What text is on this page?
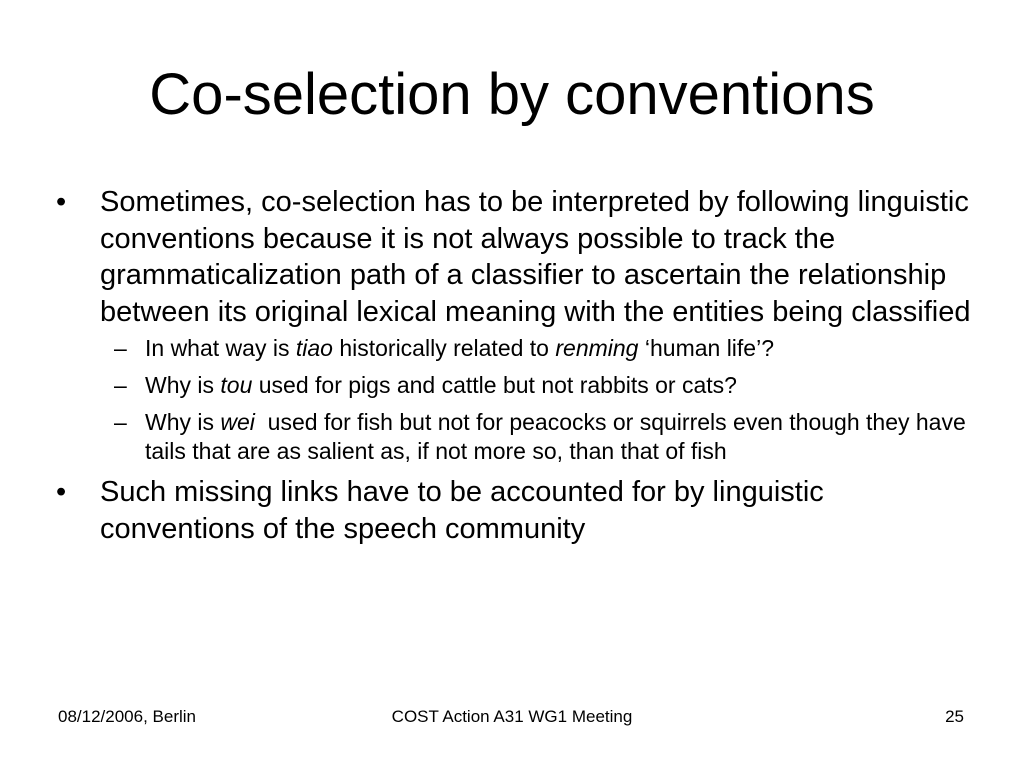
Co-selection by conventions
• Sometimes, co-selection has to be interpreted by following linguistic conventions because it is not always possible to track the grammaticalization path of a classifier to ascertain the relationship between its original lexical meaning with the entities being classified
– In what way is tiao historically related to renming ‘human life’?
– Why is tou used for pigs and cattle but not rabbits or cats?
– Why is wei  used for fish but not for peacocks or squirrels even though they have tails that are as salient as, if not more so, than that of fish
• Such missing links have to be accounted for by linguistic conventions of the speech community
08/12/2006, Berlin	COST Action A31 WG1 Meeting	25
